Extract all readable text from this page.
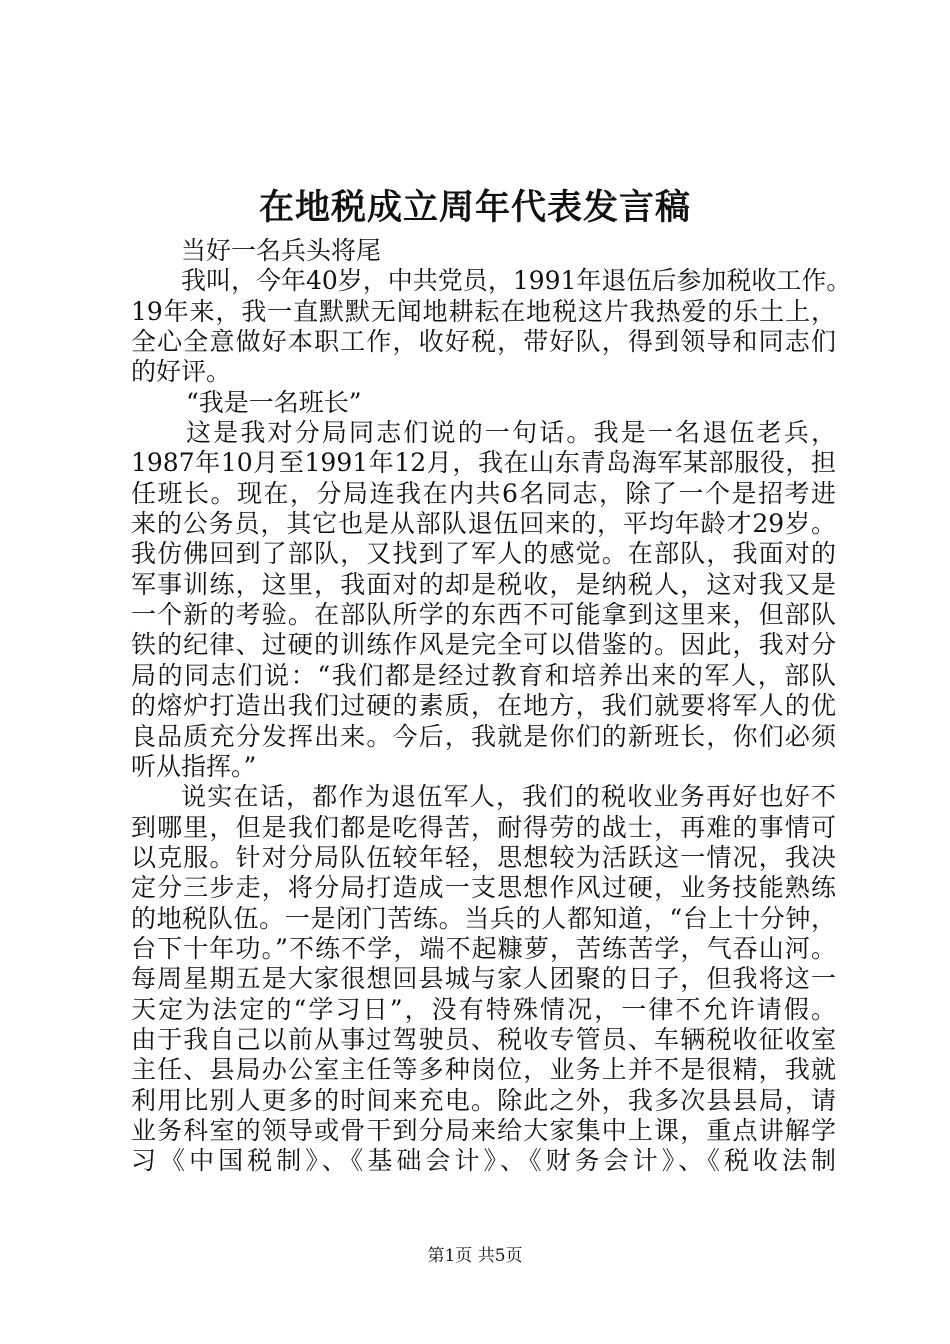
在地税成立周年代表发言稿
当好一名兵头将尾
我叫，今年40岁，中共党员，1991年退伍后参加税收工作。
19年来，我一直默默无闻地耕耘在地税这片我热爱的乐土上，
全心全意做好本职工作，收好税，带好队，得到领导和同志们
的好评。
“我是一名班长”
这是我对分局同志们说的一句话。我是一名退伍老兵，
1987年10月至1991年12月，我在山东青岛海军某部服役，担
任班长。现在，分局连我在内共6名同志，除了一个是招考进
来的公务员，其它也是从部队退伍回来的，平均年龄才29岁。
我仿佛回到了部队，又找到了军人的感觉。在部队，我面对的
军事训练，这里，我面对的却是税收，是纳税人，这对我又是
一个新的考验。在部队所学的东西不可能拿到这里来，但部队
铁的纪律、过硬的训练作风是完全可以借鉴的。因此，我对分
局的同志们说：“我们都是经过教育和培养出来的军人，部队
的熔炉打造出我们过硬的素质，在地方，我们就要将军人的优
良品质充分发挥出来。今后，我就是你们的新班长，你们必须
听从指挥。”
说实在话，都作为退伍军人，我们的税收业务再好也好不
到哪里，但是我们都是吃得苦，耐得劳的战士，再难的事情可
以克服。针对分局队伍较年轻，思想较为活跃这一情况，我决
定分三步走，将分局打造成一支思想作风过硬，业务技能熟练
的地税队伍。一是闭门苦练。当兵的人都知道，“台上十分钟，
台下十年功。”不练不学，端不起糠萝，苦练苦学，气吞山河。
每周星期五是大家很想回县城与家人团聚的日子，但我将这一
天定为法定的“学习日”，没有特殊情况，一律不允许请假。
由于我自己以前从事过驾驶员、税收专管员、车辆税收征收室
主任、县局办公室主任等多种岗位，业务上并不是很精，我就
利用比别人更多的时间来充电。除此之外，我多次县县局，请
业务科室的领导或骨干到分局来给大家集中上课，重点讲解学
习《中国税制》、《基础会计》、《财务会计》、《税收法制
第1页 共5页
